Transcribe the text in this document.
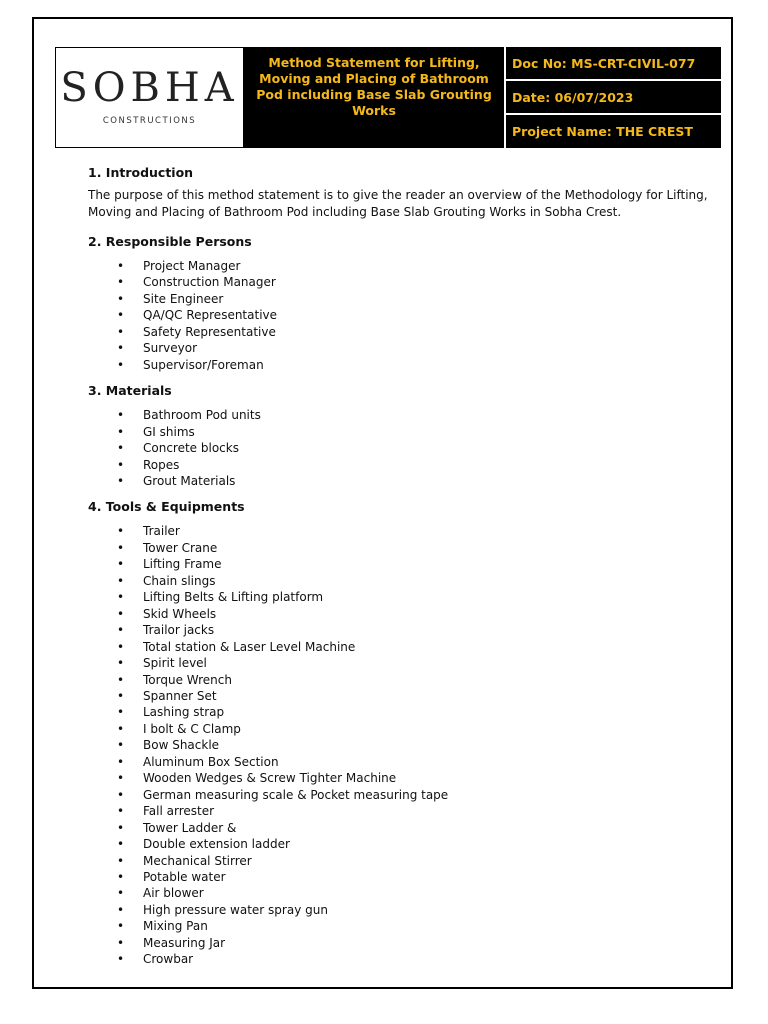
SOBHA
CONSTRUCTIONS
Method Statement for Lifting, Moving and Placing of Bathroom Pod including Base Slab Grouting Works
Doc No: MS-CRT-CIVIL-077
Date: 06/07/2023
Project Name: THE CREST
1. Introduction

The purpose of this method statement is to give the reader an overview of the Methodology for Lifting, Moving and Placing of Bathroom Pod including Base Slab Grouting Works in Sobha Crest.

2. Responsible Persons
• Project Manager
• Construction Manager
• Site Engineer
• QA/QC Representative
• Safety Representative
• Surveyor
• Supervisor/Foreman
3. Materials
• Bathroom Pod units
• GI shims
• Concrete blocks
• Ropes
• Grout Materials
4. Tools & Equipments
• Trailer
• Tower Crane
• Lifting Frame
• Chain slings
• Lifting Belts & Lifting platform
• Skid Wheels
• Trailor jacks
• Total station & Laser Level Machine
• Spirit level
• Torque Wrench
• Spanner Set
• Lashing strap
• I bolt & C Clamp
• Bow Shackle
• Aluminum Box Section
• Wooden Wedges & Screw Tighter Machine
• German measuring scale & Pocket measuring tape
• Fall arrester
• Tower Ladder &
• Double extension ladder
• Mechanical Stirrer
• Potable water
• Air blower
• High pressure water spray gun
• Mixing Pan
• Measuring Jar
• Crowbar
